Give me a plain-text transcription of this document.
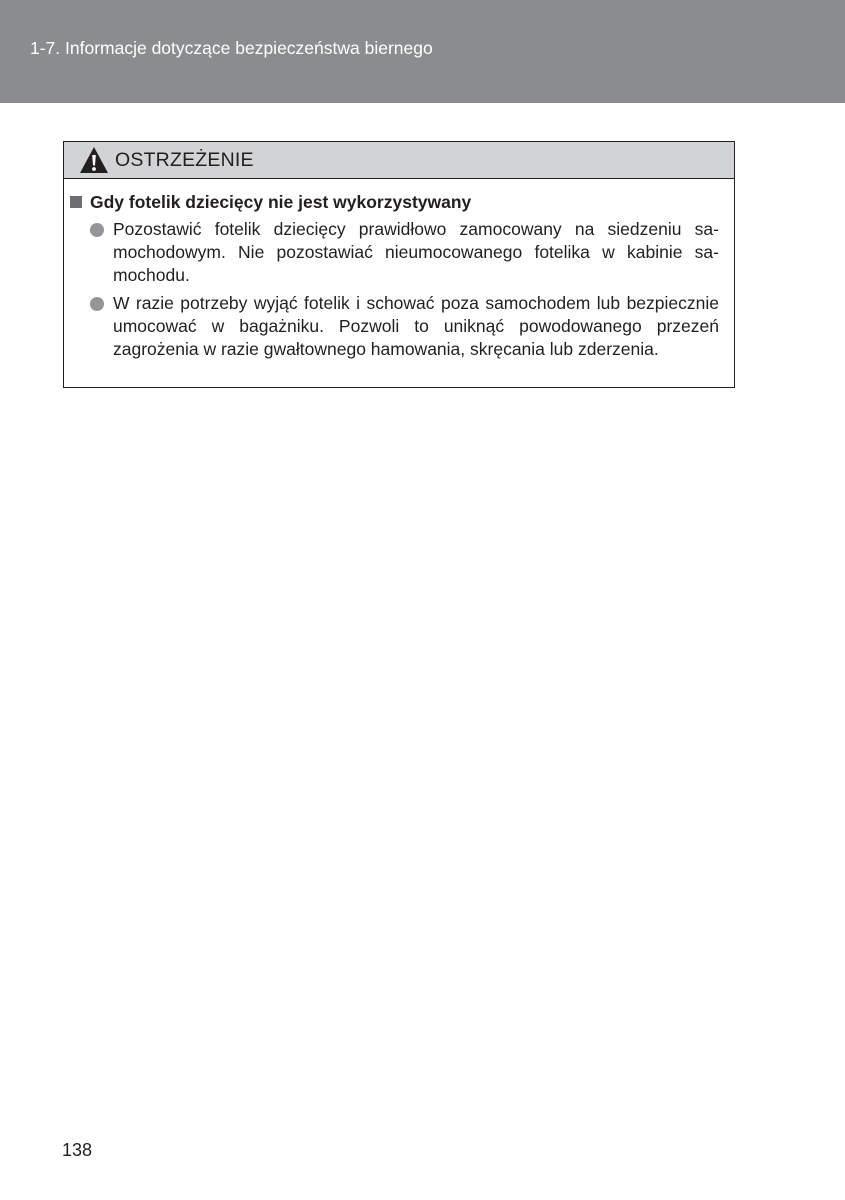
1-7. Informacje dotyczące bezpieczeństwa biernego
OSTRZEŻENIE
Gdy fotelik dziecięcy nie jest wykorzystywany
Pozostawić fotelik dziecięcy prawidłowo zamocowany na siedzeniu samochodowym. Nie pozostawiać nieumocowanego fotelika w kabinie samochodu.
W razie potrzeby wyjąć fotelik i schować poza samochodem lub bezpiecznie umocować w bagażniku. Pozwoli to uniknąć powodowanego przezeń zagrożenia w razie gwałtownego hamowania, skręcania lub zderzenia.
138
